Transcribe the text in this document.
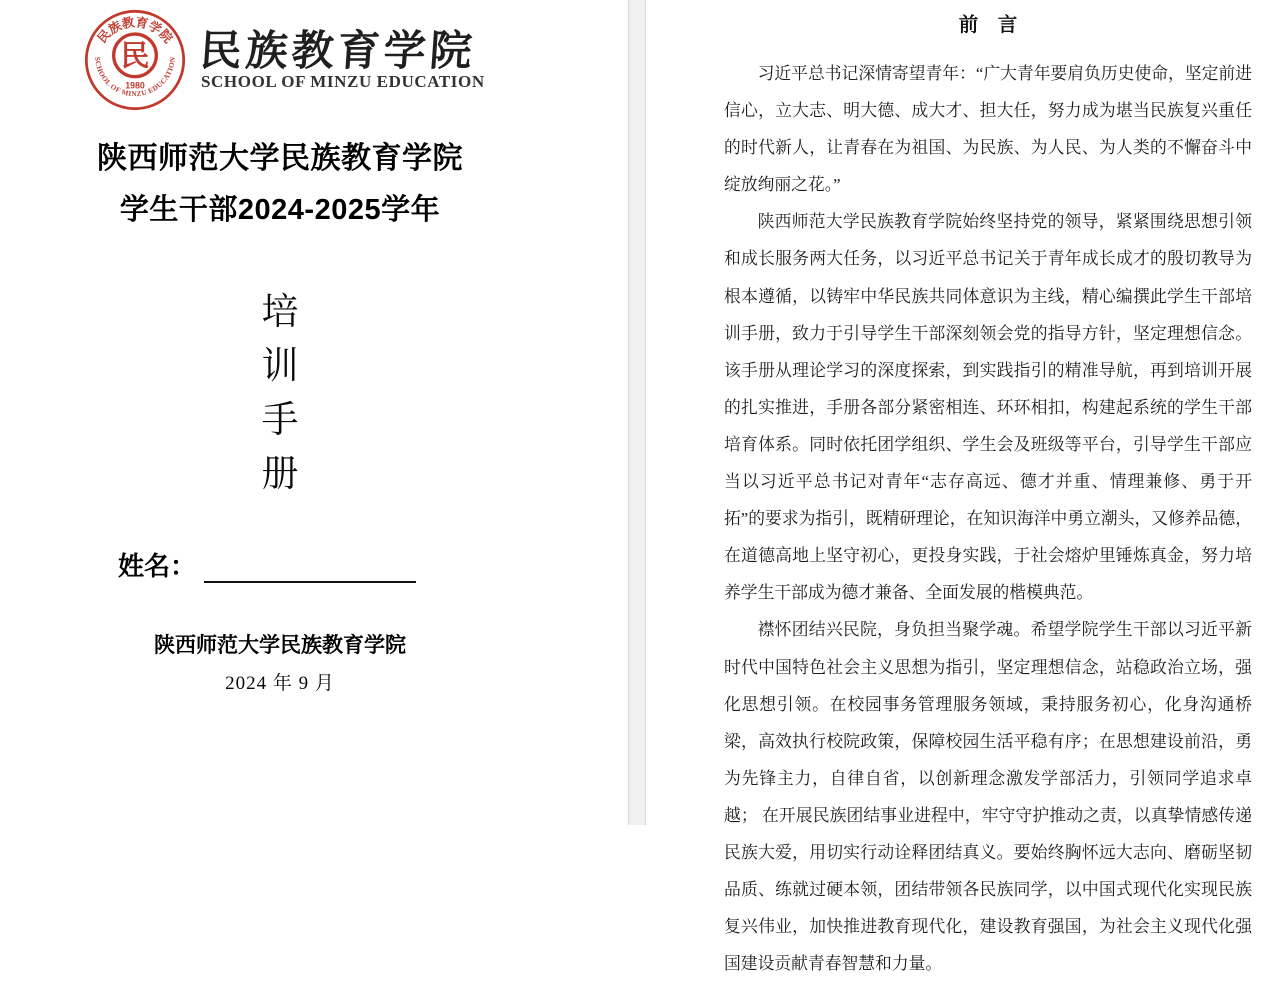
民族教育学院
SCHOOL OF MINZU EDUCATION
民
1980
民族教育学院
SCHOOL OF MINZU EDUCATION
陕西师范大学民族教育学院
学生干部2024-2025学年
培
训
手
册
姓名：
陕西师范大学民族教育学院
2024 年 9 月
前　言

习近平总书记深情寄望青年：“广大青年要肩负历史使命，坚定前进信心，立大志、明大德、成大才、担大任，努力成为堪当民族复兴重任的时代新人，让青春在为祖国、为民族、为人民、为人类的不懈奋斗中绽放绚丽之花。”

陕西师范大学民族教育学院始终坚持党的领导，紧紧围绕思想引领和成长服务两大任务，以习近平总书记关于青年成长成才的殷切教导为根本遵循，以铸牢中华民族共同体意识为主线，精心编撰此学生干部培训手册，致力于引导学生干部深刻领会党的指导方针，坚定理想信念。该手册从理论学习的深度探索，到实践指引的精准导航，再到培训开展的扎实推进，手册各部分紧密相连、环环相扣，构建起系统的学生干部培育体系。同时依托团学组织、学生会及班级等平台，引导学生干部应当以习近平总书记对青年“志存高远、德才并重、情理兼修、勇于开拓”的要求为指引，既精研理论，在知识海洋中勇立潮头，又修养品德，在道德高地上坚守初心，更投身实践，于社会熔炉里锤炼真金，努力培养学生干部成为德才兼备、全面发展的楷模典范。

襟怀团结兴民院，身负担当聚学魂。希望学院学生干部以习近平新时代中国特色社会主义思想为指引，坚定理想信念，站稳政治立场，强化思想引领。在校园事务管理服务领域，秉持服务初心，化身沟通桥梁，高效执行校院政策，保障校园生活平稳有序；在思想建设前沿，勇为先锋主力，自律自省，以创新理念激发学部活力，引领同学追求卓越； 在开展民族团结事业进程中，牢守守护推动之责，以真挚情感传递民族大爱，用切实行动诠释团结真义。要始终胸怀远大志向、磨砺坚韧品质、练就过硬本领，团结带领各民族同学，以中国式现代化实现民族复兴伟业，加快推进教育现代化，建设教育强国，为社会主义现代化强国建设贡献青春智慧和力量。
